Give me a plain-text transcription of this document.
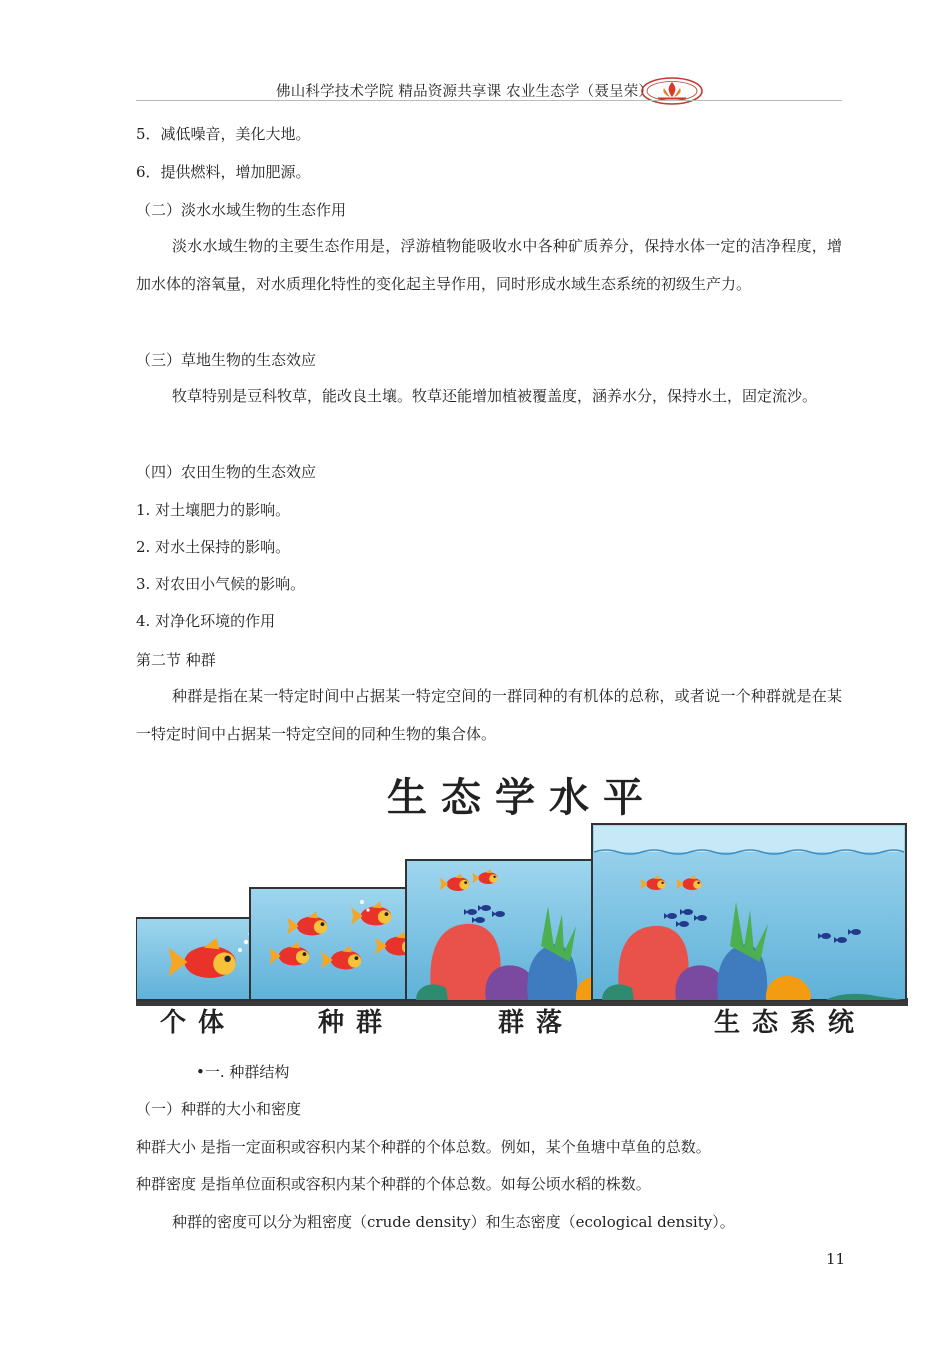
佛山科学技术学院 精品资源共享课 农业生态学（聂呈荣）
5．减低噪音，美化大地。
6．提供燃料，增加肥源。
（二）淡水水域生物的生态作用
淡水水域生物的主要生态作用是，浮游植物能吸收水中各种矿质养分，保持水体一定的洁净程度，增加水体的溶氧量，对水质理化特性的变化起主导作用，同时形成水域生态系统的初级生产力。
（三）草地生物的生态效应
牧草特别是豆科牧草，能改良土壤。牧草还能增加植被覆盖度，涵养水分，保持水土，固定流沙。
（四）农田生物的生态效应
1. 对土壤肥力的影响。
2. 对水土保持的影响。
3. 对农田小气候的影响。
4. 对净化环境的作用
第二节 种群
种群是指在某一特定时间中占据某一特定空间的一群同种的有机体的总称，或者说一个种群就是在某一特定时间中占据某一特定空间的同种生物的集合体。
生态学水平
个体	种群	群落	生态系统
•一. 种群结构
（一）种群的大小和密度
种群大小 是指一定面积或容积内某个种群的个体总数。例如，某个鱼塘中草鱼的总数。
种群密度 是指单位面积或容积内某个种群的个体总数。如每公顷水稻的株数。
种群的密度可以分为粗密度（crude density）和生态密度（ecological density）。
11
